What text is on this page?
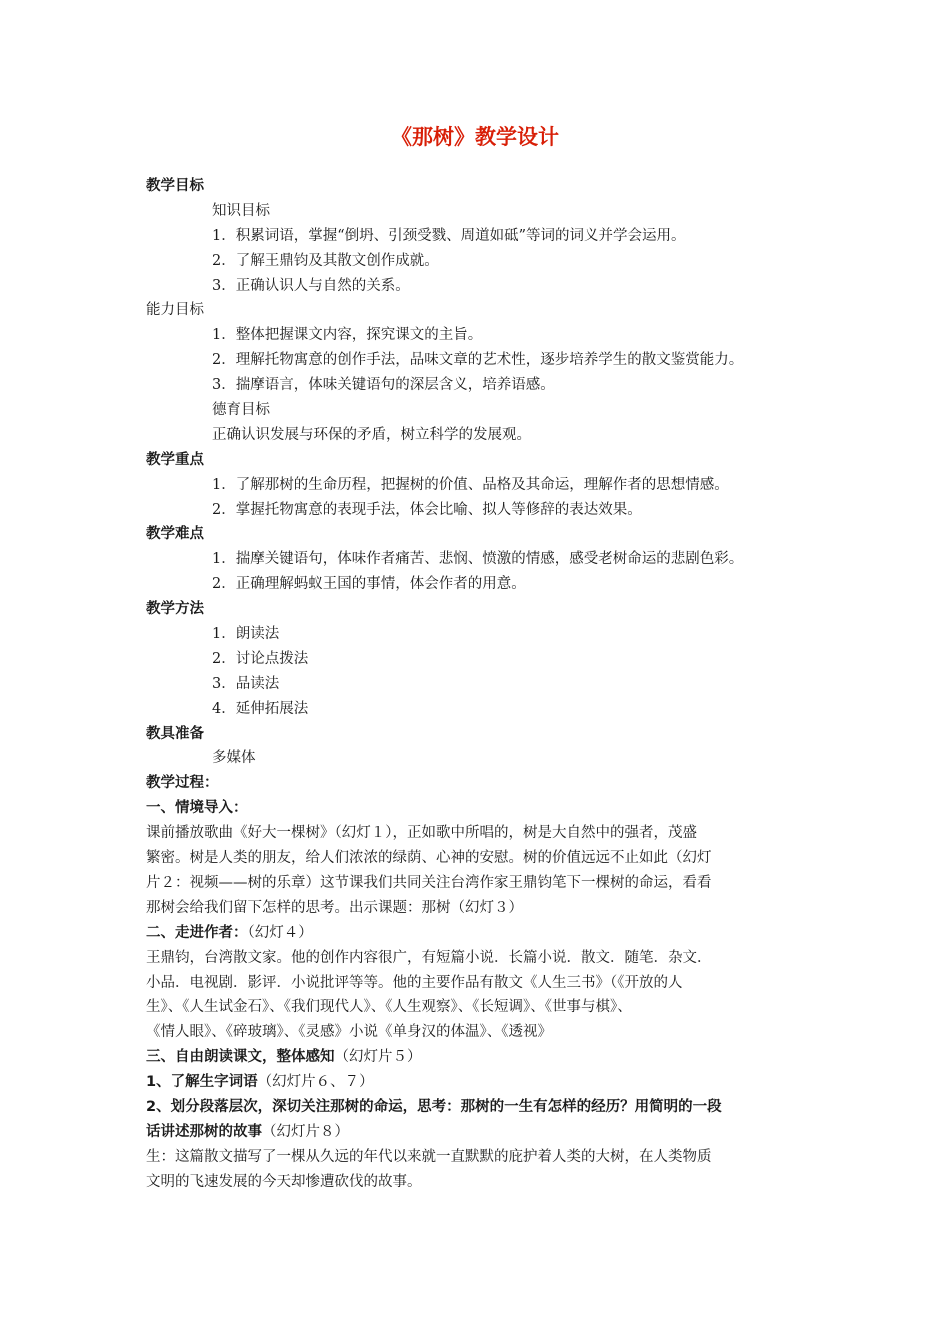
《那树》教学设计
教学目标
知识目标
1．积累词语，掌握“倒坍、引颈受戮、周道如砥”等词的词义并学会运用。
2．了解王鼎钧及其散文创作成就。
3．正确认识人与自然的关系。
能力目标
1．整体把握课文内容，探究课文的主旨。
2．理解托物寓意的创作手法，品味文章的艺术性，逐步培养学生的散文鉴赏能力。
3．揣摩语言，体味关键语句的深层含义，培养语感。
德育目标
正确认识发展与环保的矛盾，树立科学的发展观。
教学重点
1．了解那树的生命历程，把握树的价值、品格及其命运，理解作者的思想情感。
2．掌握托物寓意的表现手法，体会比喻、拟人等修辞的表达效果。
教学难点
1．揣摩关键语句，体味作者痛苦、悲悯、愤激的情感，感受老树命运的悲剧色彩。
2．正确理解蚂蚁王国的事情，体会作者的用意。
教学方法
1．朗读法
2．讨论点拨法
3．品读法
4．延伸拓展法
教具准备
多媒体
教学过程：
一、情境导入：
课前播放歌曲《好大一棵树》（幻灯１），正如歌中所唱的，树是大自然中的强者，茂盛
繁密。树是人类的朋友，给人们浓浓的绿荫、心神的安慰。树的价值远远不止如此（幻灯
片２：视频——树的乐章）这节课我们共同关注台湾作家王鼎钧笔下一棵树的命运，看看
那树会给我们留下怎样的思考。出示课题：那树（幻灯３）
二、走进作者：（幻灯４）
王鼎钧，台湾散文家。他的创作内容很广，有短篇小说．长篇小说．散文．随笔．杂文．
小品．电视剧．影评．小说批评等等。他的主要作品有散文《人生三书》（《开放的人
生》、《人生试金石》、《我们现代人》、《人生观察》、《长短调》、《世事与棋》、
《情人眼》、《碎玻璃》、《灵感》小说《单身汉的体温》、《透视》
三、自由朗读课文，整体感知（幻灯片５）
1、了解生字词语（幻灯片６、７）
2、划分段落层次，深切关注那树的命运，思考：那树的一生有怎样的经历？用简明的一段
话讲述那树的故事（幻灯片８）
生：这篇散文描写了一棵从久远的年代以来就一直默默的庇护着人类的大树，在人类物质
文明的飞速发展的今天却惨遭砍伐的故事。
